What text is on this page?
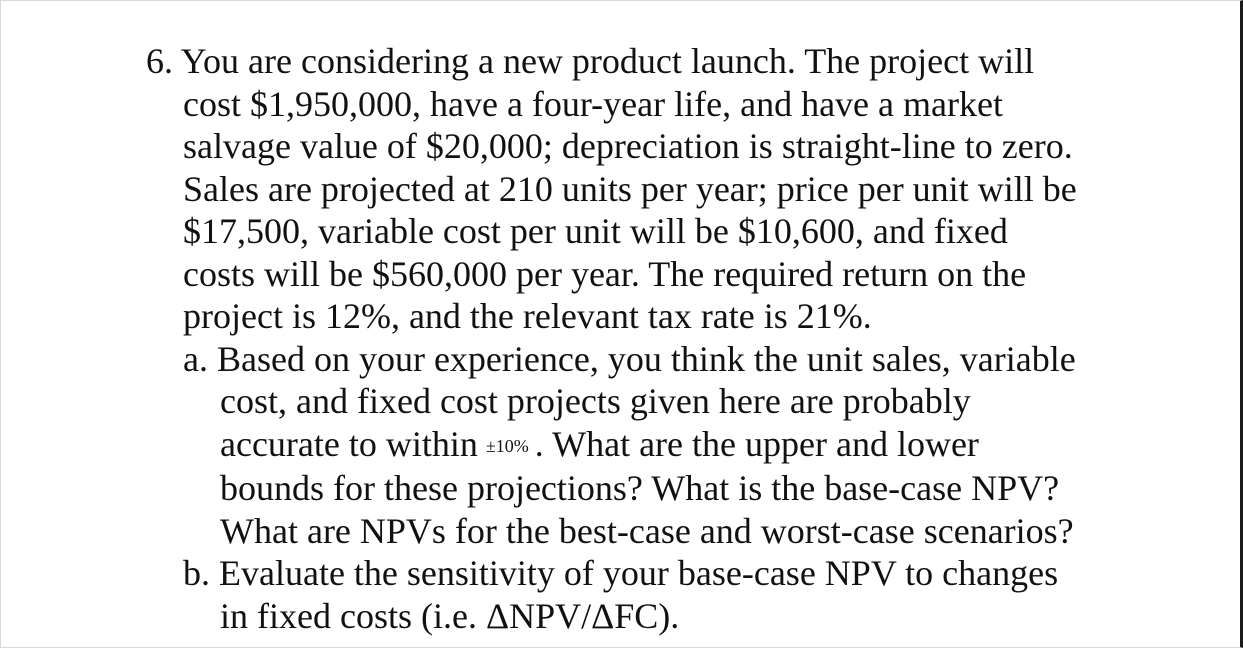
6. You are considering a new product launch. The project will
cost $1,950,000, have a four-year life, and have a market
salvage value of $20,000; depreciation is straight-line to zero.
Sales are projected at 210 units per year; price per unit will be
$17,500, variable cost per unit will be $10,600, and fixed
costs will be $560,000 per year. The required return on the
project is 12%, and the relevant tax rate is 21%.
a. Based on your experience, you think the unit sales, variable
cost, and fixed cost projects given here are probably
accurate to within ±10% . What are the upper and lower
bounds for these projections? What is the base-case NPV?
What are NPVs for the best-case and worst-case scenarios?
b. Evaluate the sensitivity of your base-case NPV to changes
in fixed costs (i.e. ΔNPV/ΔFC).
